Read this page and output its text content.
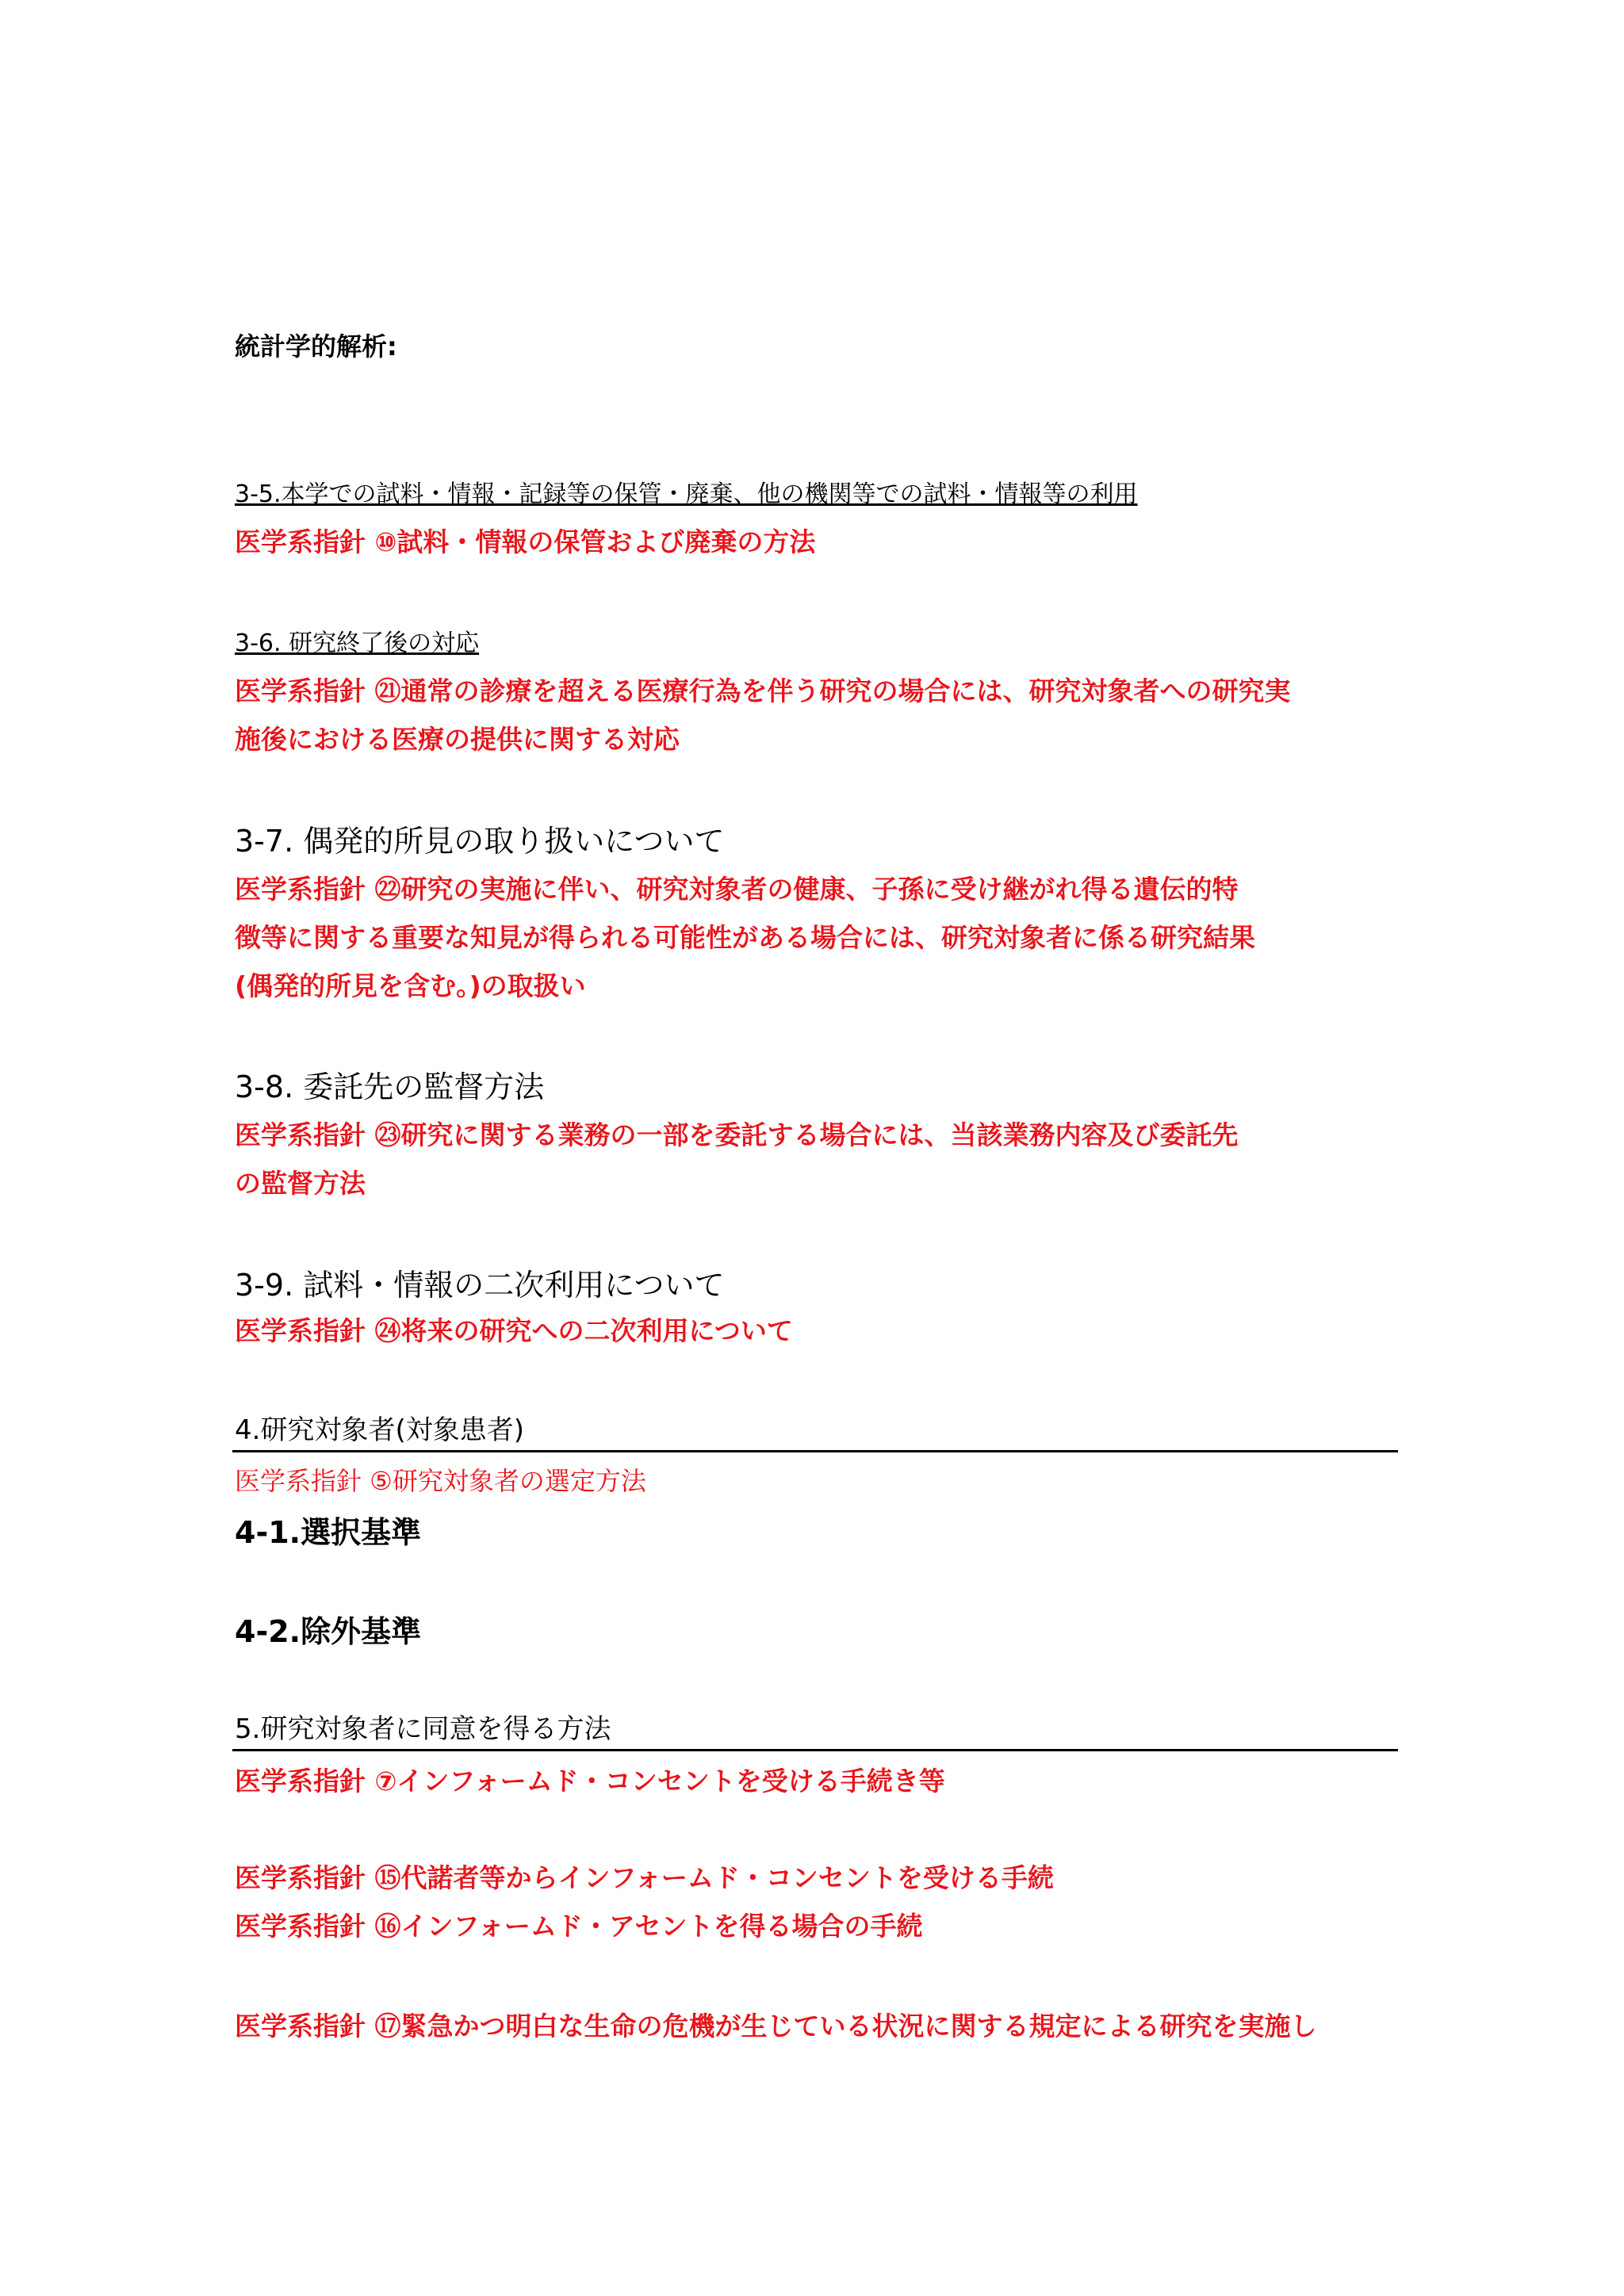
統計学的解析:

3-5.本学での試料・情報・記録等の保管・廃棄、他の機関等での試料・情報等の利用

医学系指針 ⑩試料・情報の保管および廃棄の方法

3-6. 研究終了後の対応

医学系指針 ㉑通常の診療を超える医療行為を伴う研究の場合には、研究対象者への研究実

施後における医療の提供に関する対応

3-7. 偶発的所見の取り扱いについて

医学系指針 ㉒研究の実施に伴い、研究対象者の健康、子孫に受け継がれ得る遺伝的特

徴等に関する重要な知見が得られる可能性がある場合には、研究対象者に係る研究結果

(偶発的所見を含む。)の取扱い

3-8. 委託先の監督方法

医学系指針 ㉓研究に関する業務の一部を委託する場合には、当該業務内容及び委託先

の監督方法

3-9. 試料・情報の二次利用について

医学系指針 ㉔将来の研究への二次利用について

4.研究対象者(対象患者)

医学系指針 ⑤研究対象者の選定方法

4-1.選択基準

4-2.除外基準

5.研究対象者に同意を得る方法

医学系指針 ⑦インフォームド・コンセントを受ける手続き等

医学系指針 ⑮代諾者等からインフォームド・コンセントを受ける手続

医学系指針 ⑯インフォームド・アセントを得る場合の手続

医学系指針 ⑰緊急かつ明白な生命の危機が生じている状況に関する規定による研究を実施し
